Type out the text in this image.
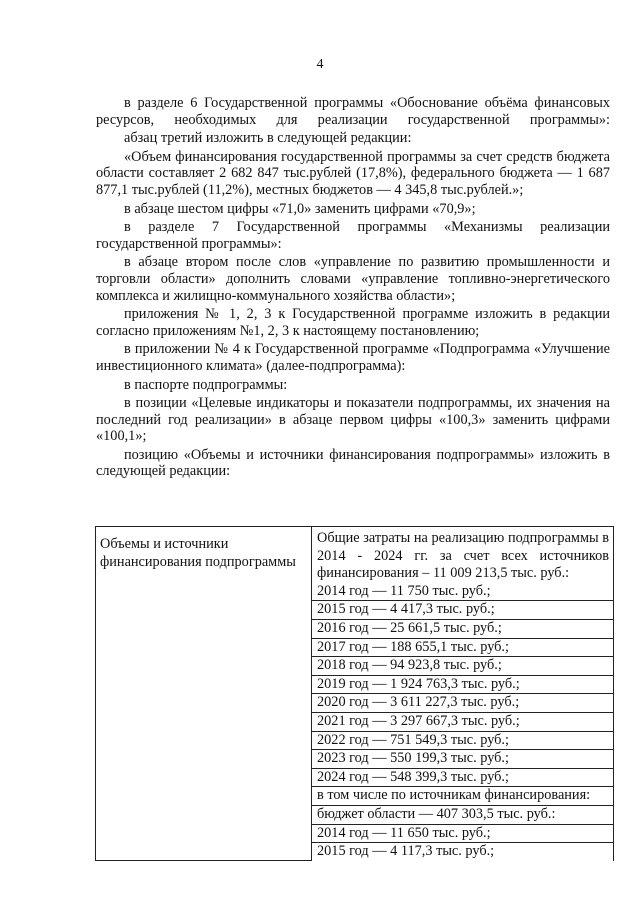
4

в разделе 6 Государственной программы «Обоснование объёма финансовых ресурсов, необходимых для реализации государственной программы»:

абзац третий изложить в следующей редакции:

«Объем финансирования государственной программы за счет средств бюджета области составляет 2 682 847 тыс.рублей (17,8%), федерального бюджета — 1 687 877,1 тыс.рублей (11,2%), местных бюджетов — 4 345,8 тыс.рублей.»;

в абзаце шестом цифры «71,0» заменить цифрами «70,9»;

в разделе 7 Государственной программы «Механизмы реализации государственной программы»:

в абзаце втором после слов «управление по развитию промышленности и торговли области» дополнить словами «управление топливно-энергетического комплекса и жилищно-коммунального хозяйства области»;

приложения № 1, 2, 3 к Государственной программе изложить в редакции согласно приложениям №1, 2, 3 к настоящему постановлению;

в приложении № 4 к Государственной программе «Подпрограмма «Улучшение инвестиционного климата» (далее-подпрограмма):

в паспорте подпрограммы:

в позиции «Целевые индикаторы и показатели подпрограммы, их значения на последний год реализации» в абзаце первом цифры «100,3» заменить цифрами «100,1»;

позицию «Объемы и источники финансирования подпрограммы» изложить в следующей редакции:

Объемы и источники финансирования подпрограммы	
Общие затраты на реализацию подпрограммы в 2014 - 2024 гг. за счет всех источников финансирования – 11 009 213,5 тыс. руб.:
2014 год — 11 750 тыс. руб.;
2015 год — 4 417,3 тыс. руб.;
2016 год — 25 661,5 тыс. руб.;
2017 год — 188 655,1 тыс. руб.;
2018 год — 94 923,8 тыс. руб.;
2019 год — 1 924 763,3 тыс. руб.;
2020 год — 3 611 227,3 тыс. руб.;
2021 год — 3 297 667,3 тыс. руб.;
2022 год — 751 549,3 тыс. руб.;
2023 год — 550 199,3 тыс. руб.;
2024 год — 548 399,3 тыс. руб.;
в том числе по источникам финансирования:
бюджет области — 407 303,5 тыс. руб.:
2014 год — 11 650 тыс. руб.;
2015 год — 4 117,3 тыс. руб.;
